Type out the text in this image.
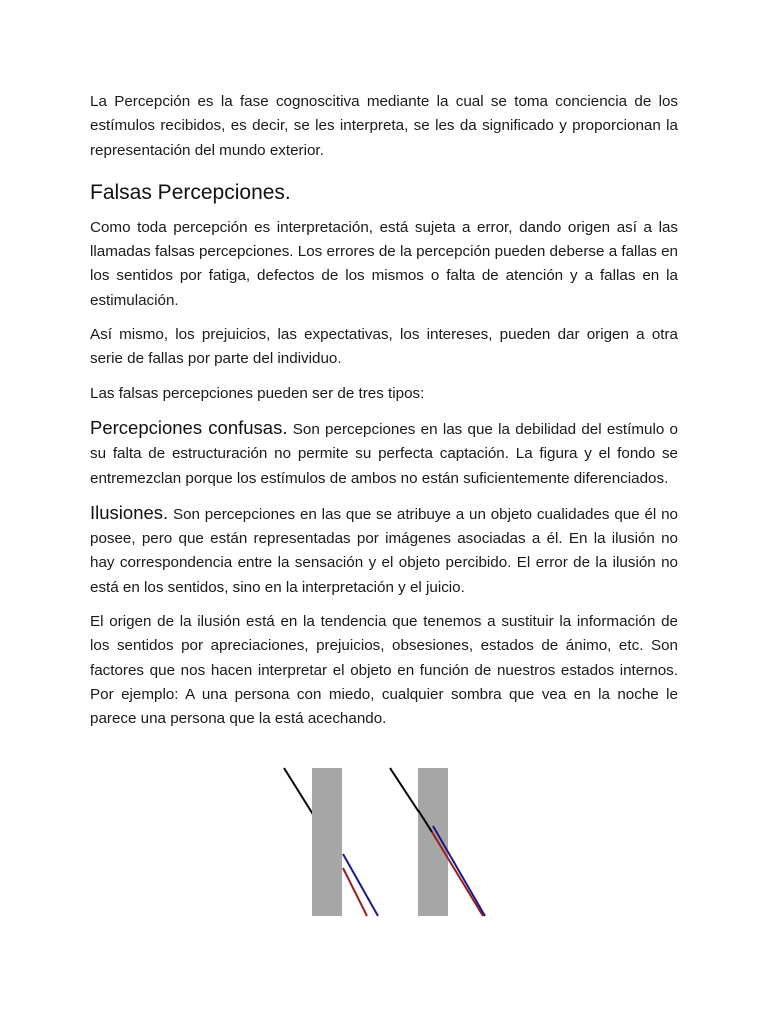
La Percepción es la fase cognoscitiva mediante la cual se toma conciencia de los estímulos recibidos, es decir, se les interpreta, se les da significado y proporcionan la representación del mundo exterior.

Falsas Percepciones.

Como toda percepción es interpretación, está sujeta a error, dando origen así a las llamadas falsas percepciones. Los errores de la percepción pueden deberse a fallas en los sentidos por fatiga, defectos de los mismos o falta de atención y a fallas en la estimulación.

Así mismo, los prejuicios, las expectativas, los intereses, pueden dar origen a otra serie de fallas por parte del individuo.

Las falsas percepciones pueden ser de tres tipos:

Percepciones confusas. Son percepciones en las que la debilidad del estímulo o su falta de estructuración no permite su perfecta captación. La figura y el fondo se entremezclan porque los estímulos de ambos no están suficientemente diferenciados.

Ilusiones. Son percepciones en las que se atribuye a un objeto cualidades que él no posee, pero que están representadas por imágenes asociadas a él. En la ilusión no hay correspondencia entre la sensación y el objeto percibido. El error de la ilusión no está en los sentidos, sino en la interpretación y el juicio.

El origen de la ilusión está en la tendencia que tenemos a sustituir la información de los sentidos por apreciaciones, prejuicios, obsesiones, estados de ánimo, etc. Son factores que nos hacen interpretar el objeto en función de nuestros estados internos. Por ejemplo: A una persona con miedo, cualquier sombra que vea en la noche le parece una persona que la está acechando.
